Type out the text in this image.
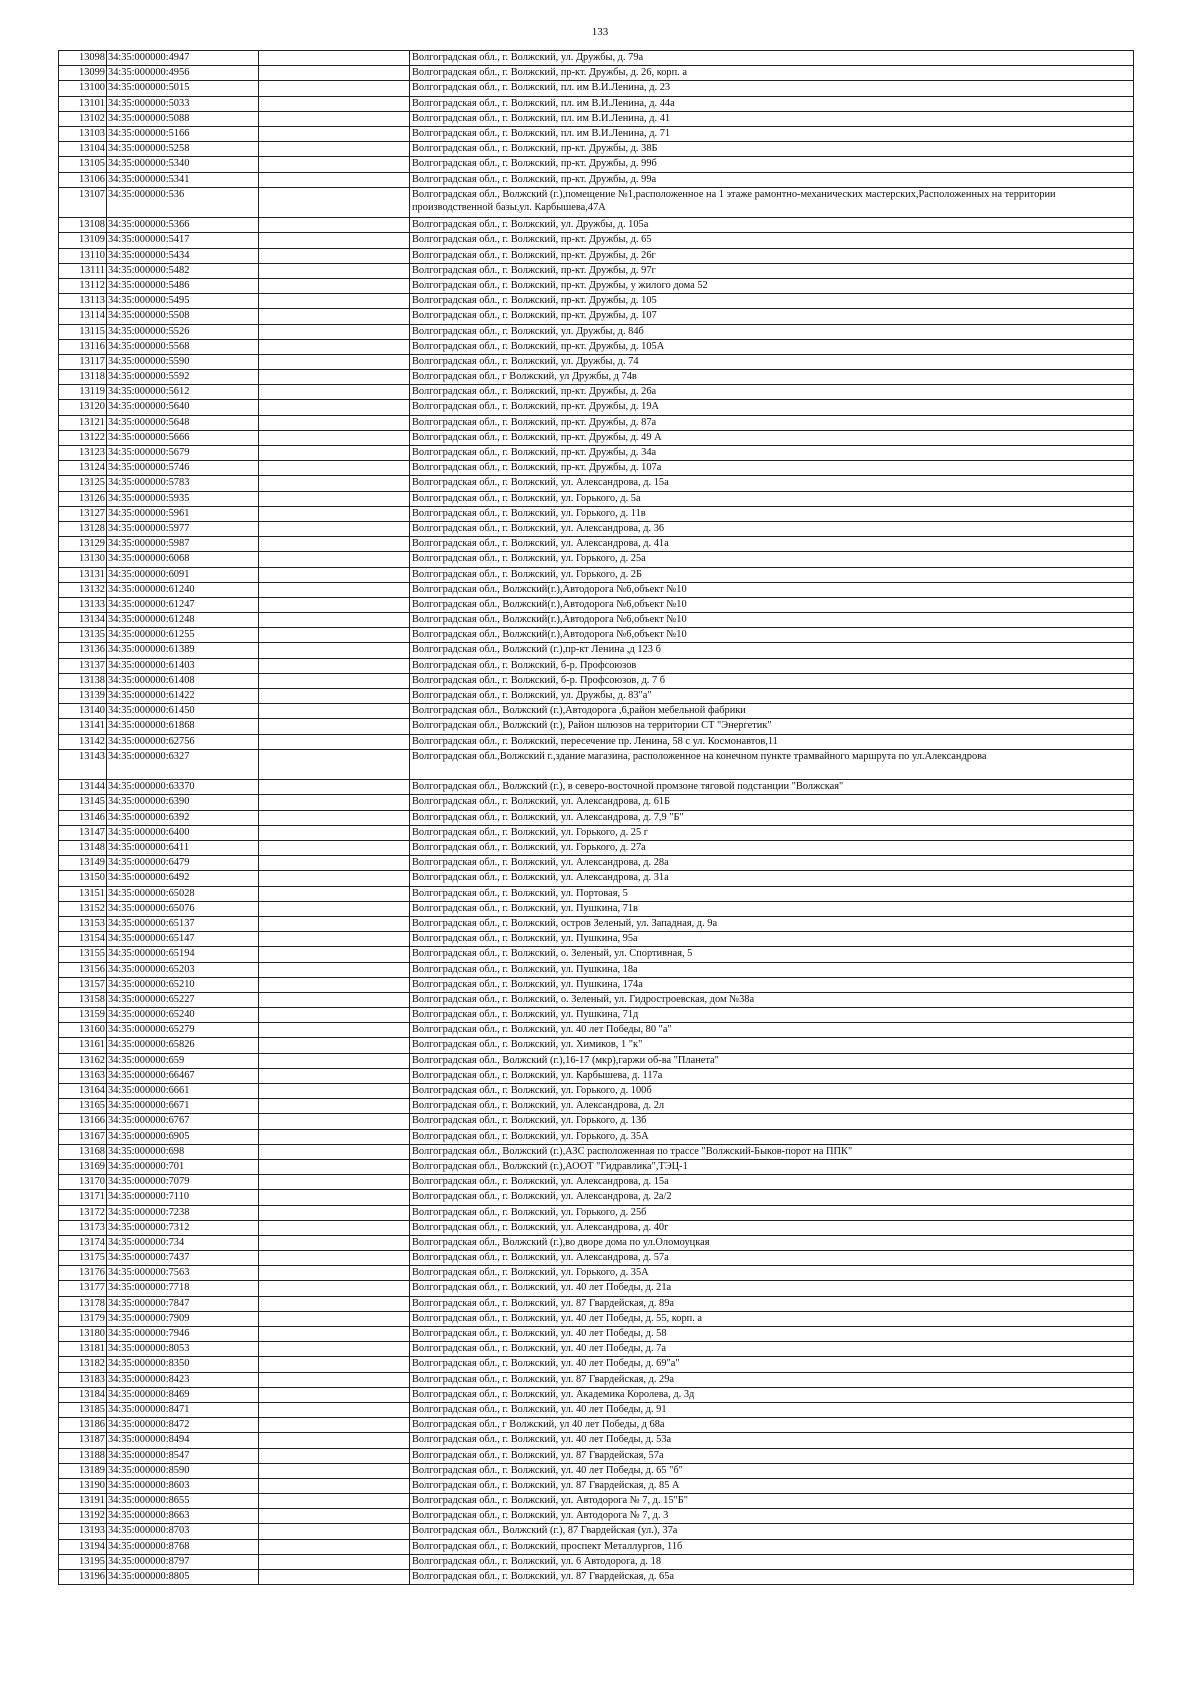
133
13098	34:35:000000:4947		Волгоградская обл., г. Волжский, ул. Дружбы, д. 79а
13099	34:35:000000:4956		Волгоградская обл., г. Волжский, пр-кт. Дружбы, д. 26, корп. а
13100	34:35:000000:5015		Волгоградская обл., г. Волжский, пл. им В.И.Ленина, д. 23
13101	34:35:000000:5033		Волгоградская обл., г. Волжский, пл. им В.И.Ленина, д. 44а
13102	34:35:000000:5088		Волгоградская обл., г. Волжский, пл. им В.И.Ленина, д. 41
13103	34:35:000000:5166		Волгоградская обл., г. Волжский, пл. им В.И.Ленина, д. 71
13104	34:35:000000:5258		Волгоградская обл., г. Волжский, пр-кт. Дружбы, д. 38Б
13105	34:35:000000:5340		Волгоградская обл., г. Волжский, пр-кт. Дружбы, д. 99б
13106	34:35:000000:5341		Волгоградская обл., г. Волжский, пр-кт. Дружбы, д. 99а
13107	34:35:000000:536		Волгоградская обл., Волжский (г.),помещение №1,расположенное на 1 этаже рамонтно-механических мастерских,Расположенных на территории производственной базы,ул. Карбышева,47А
13108	34:35:000000:5366		Волгоградская обл., г. Волжский, ул. Дружбы, д. 105а
13109	34:35:000000:5417		Волгоградская обл., г. Волжский, пр-кт. Дружбы, д. 65
13110	34:35:000000:5434		Волгоградская обл., г. Волжский, пр-кт. Дружбы, д. 26г
13111	34:35:000000:5482		Волгоградская обл., г. Волжский, пр-кт. Дружбы, д. 97г
13112	34:35:000000:5486		Волгоградская обл., г. Волжский, пр-кт. Дружбы, у жилого дома 52
13113	34:35:000000:5495		Волгоградская обл., г. Волжский, пр-кт. Дружбы, д. 105
13114	34:35:000000:5508		Волгоградская обл., г. Волжский, пр-кт. Дружбы, д. 107
13115	34:35:000000:5526		Волгоградская обл., г. Волжский, ул. Дружбы, д. 84б
13116	34:35:000000:5568		Волгоградская обл., г. Волжский, пр-кт. Дружбы, д. 105А
13117	34:35:000000:5590		Волгоградская обл., г. Волжский, ул. Дружбы, д. 74
13118	34:35:000000:5592		Волгоградская обл., г Волжский, ул Дружбы, д 74в
13119	34:35:000000:5612		Волгоградская обл., г. Волжский, пр-кт. Дружбы, д. 26а
13120	34:35:000000:5640		Волгоградская обл., г. Волжский, пр-кт. Дружбы, д. 19А
13121	34:35:000000:5648		Волгоградская обл., г. Волжский, пр-кт. Дружбы, д. 87а
13122	34:35:000000:5666		Волгоградская обл., г. Волжский, пр-кт. Дружбы, д. 49 А
13123	34:35:000000:5679		Волгоградская обл., г. Волжский, пр-кт. Дружбы, д. 34а
13124	34:35:000000:5746		Волгоградская обл., г. Волжский, пр-кт. Дружбы, д. 107а
13125	34:35:000000:5783		Волгоградская обл., г. Волжский, ул. Александрова, д. 15а
13126	34:35:000000:5935		Волгоградская обл., г. Волжский, ул. Горького, д. 5а
13127	34:35:000000:5961		Волгоградская обл., г. Волжский, ул. Горького, д. 11в
13128	34:35:000000:5977		Волгоградская обл., г. Волжский, ул. Александрова, д. 36
13129	34:35:000000:5987		Волгоградская обл., г. Волжский, ул. Александрова, д. 41а
13130	34:35:000000:6068		Волгоградская обл., г. Волжский, ул. Горького, д. 25а
13131	34:35:000000:6091		Волгоградская обл., г. Волжский, ул. Горького, д. 2Б
13132	34:35:000000:61240		Волгоградская обл., Волжский(г.),Автодорога №6,объект №10
13133	34:35:000000:61247		Волгоградская обл., Волжский(г.),Автодорога №6,объект №10
13134	34:35:000000:61248		Волгоградская обл., Волжский(г.),Автодорога №6,объект №10
13135	34:35:000000:61255		Волгоградская обл., Волжский(г.),Автодорога №6,объект №10
13136	34:35:000000:61389		Волгоградская обл., Волжский (г.),пр-кт Ленина ,д 123 б
13137	34:35:000000:61403		Волгоградская обл., г. Волжский, б-р. Профсоюзов
13138	34:35:000000:61408		Волгоградская обл., г. Волжский, б-р. Профсоюзов, д. 7 б
13139	34:35:000000:61422		Волгоградская обл., г. Волжский, ул. Дружбы, д. 83"а"
13140	34:35:000000:61450		Волгоградская обл., Волжский (г.),Автодорога ,6,район мебельной фабрики
13141	34:35:000000:61868		Волгоградская обл., Волжский (г.), Район шлюзов на территории СТ "Энергетик"
13142	34:35:000000:62756		Волгоградская обл., г. Волжский, пересечение пр. Ленина, 58 с ул. Космонавтов,11
13143	34:35:000000:6327		Волгоградская обл.,Волжский г.,здание магазина, расположенное на конечном пункте трамвайного маршрута по ул.Александрова
13144	34:35:000000:63370		Волгоградская обл., Волжский (г.), в северо-восточной промзоне тяговой подстанции "Волжская"
13145	34:35:000000:6390		Волгоградская обл., г. Волжский, ул. Александрова, д. 61Б
13146	34:35:000000:6392		Волгоградская обл., г. Волжский, ул. Александрова, д. 7,9 "Б"
13147	34:35:000000:6400		Волгоградская обл., г. Волжский, ул. Горького, д. 25 г
13148	34:35:000000:6411		Волгоградская обл., г. Волжский, ул. Горького, д. 27а
13149	34:35:000000:6479		Волгоградская обл., г. Волжский, ул. Александрова, д. 28а
13150	34:35:000000:6492		Волгоградская обл., г. Волжский, ул. Александрова, д. 31а
13151	34:35:000000:65028		Волгоградская обл., г. Волжский, ул. Портовая, 5
13152	34:35:000000:65076		Волгоградская обл., г. Волжский, ул. Пушкина, 71в
13153	34:35:000000:65137		Волгоградская обл., г. Волжский, остров Зеленый, ул. Западная, д. 9а
13154	34:35:000000:65147		Волгоградская обл., г. Волжский, ул. Пушкина, 95а
13155	34:35:000000:65194		Волгоградская обл., г. Волжский, о. Зеленый, ул. Спортивная, 5
13156	34:35:000000:65203		Волгоградская обл., г. Волжский, ул. Пушкина, 18а
13157	34:35:000000:65210		Волгоградская обл., г. Волжский, ул. Пушкина, 174а
13158	34:35:000000:65227		Волгоградская обл., г. Волжский, о. Зеленый, ул. Гидростроевская, дом №38а
13159	34:35:000000:65240		Волгоградская обл., г. Волжский, ул. Пушкина, 71д
13160	34:35:000000:65279		Волгоградская обл., г. Волжский, ул. 40 лет Победы, 80 "а"
13161	34:35:000000:65826		Волгоградская обл., г. Волжский, ул. Химиков, 1 "к"
13162	34:35:000000:659		Волгоградская обл., Волжский (г.),16-17 (мкр),гаржи об-ва "Планета"
13163	34:35:000000:66467		Волгоградская обл., г. Волжский, ул. Карбышева, д. 117а
13164	34:35:000000:6661		Волгоградская обл., г. Волжский, ул. Горького, д. 100б
13165	34:35:000000:6671		Волгоградская обл., г. Волжский, ул. Александрова, д. 2л
13166	34:35:000000:6767		Волгоградская обл., г. Волжский, ул. Горького, д. 13б
13167	34:35:000000:6905		Волгоградская обл., г. Волжский, ул. Горького, д. 35А
13168	34:35:000000:698		Волгоградская обл., Волжский (г.),АЗС расположенная по трассе "Волжский-Быков-порот на ППК"
13169	34:35:000000:701		Волгоградская обл., Волжский (г.),АООТ "Гидравлика",ТЭЦ-1
13170	34:35:000000:7079		Волгоградская обл., г. Волжский, ул. Александрова, д. 15а
13171	34:35:000000:7110		Волгоградская обл., г. Волжский, ул. Александрова, д. 2а/2
13172	34:35:000000:7238		Волгоградская обл., г. Волжский, ул. Горького, д. 25б
13173	34:35:000000:7312		Волгоградская обл., г. Волжский, ул. Александрова, д. 40г
13174	34:35:000000:734		Волгоградская обл., Волжский (г.),во дворе дома по ул.Оломоуцкая
13175	34:35:000000:7437		Волгоградская обл., г. Волжский, ул. Александрова, д. 57а
13176	34:35:000000:7563		Волгоградская обл., г. Волжский, ул. Горького, д. 35А
13177	34:35:000000:7718		Волгоградская обл., г. Волжский, ул. 40 лет Победы, д. 21а
13178	34:35:000000:7847		Волгоградская обл., г. Волжский, ул. 87 Гвардейская, д. 89а
13179	34:35:000000:7909		Волгоградская обл., г. Волжский, ул. 40 лет Победы, д. 55, корп. а
13180	34:35:000000:7946		Волгоградская обл., г. Волжский, ул. 40 лет Победы, д. 58
13181	34:35:000000:8053		Волгоградская обл., г. Волжский, ул. 40 лет Победы, д. 7а
13182	34:35:000000:8350		Волгоградская обл., г. Волжский, ул. 40 лет Победы, д. 69"а"
13183	34:35:000000:8423		Волгоградская обл., г. Волжский, ул. 87 Гвардейская, д. 29а
13184	34:35:000000:8469		Волгоградская обл., г. Волжский, ул. Академика Королева, д. 3д
13185	34:35:000000:8471		Волгоградская обл., г. Волжский, ул. 40 лет Победы, д. 91
13186	34:35:000000:8472		Волгоградская обл., г Волжский, ул 40 лет Победы, д 68а
13187	34:35:000000:8494		Волгоградская обл., г. Волжский, ул. 40 лет Победы, д. 53а
13188	34:35:000000:8547		Волгоградская обл., г. Волжский, ул. 87 Гвардейская, 57а
13189	34:35:000000:8590		Волгоградская обл., г. Волжский, ул. 40 лет Победы, д. 65 "б"
13190	34:35:000000:8603		Волгоградская обл., г. Волжский, ул. 87 Гвардейская, д. 85 А
13191	34:35:000000:8655		Волгоградская обл., г. Волжский, ул. Автодорога № 7, д. 15"Б"
13192	34:35:000000:8663		Волгоградская обл., г. Волжский, ул. Автодорога № 7, д. 3
13193	34:35:000000:8703		Волгоградская обл., Волжский (г.), 87 Гвардейская (ул.), 37а
13194	34:35:000000:8768		Волгоградская обл., г. Волжский, проспект Металлургов, 11б
13195	34:35:000000:8797		Волгоградская обл., г. Волжский, ул. 6 Автодорога, д. 18
13196	34:35:000000:8805		Волгоградская обл., г. Волжский, ул. 87 Гвардейская, д. 65а
